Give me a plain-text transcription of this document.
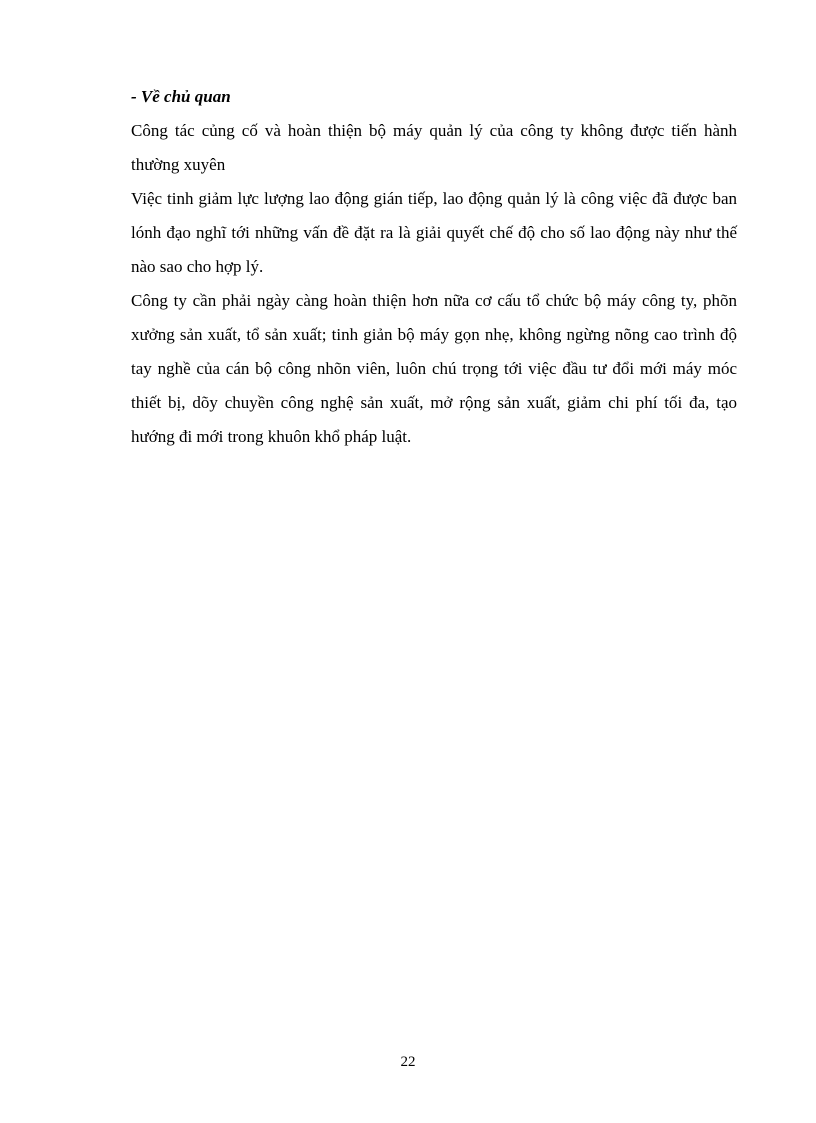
- Về chủ quan

Công tác củng cố và hoàn thiện bộ máy quản lý của công ty không được tiến hành thường xuyên

Việc tinh giảm lực lượng lao động gián tiếp, lao động quản lý là công việc đã được ban lónh đạo nghĩ tới những vấn đề đặt ra là giải quyết chế độ cho số lao động này như thế nào sao cho hợp lý.

Công ty cần phải ngày càng hoàn thiện hơn nữa cơ cấu tổ chức bộ máy công ty, phõn xưởng sản xuất, tổ sản xuất; tinh giản bộ máy gọn nhẹ, không ngừng nõng cao trình độ tay nghề của cán bộ công nhõn viên, luôn chú trọng tới việc đầu tư đổi mới máy móc thiết bị, dõy chuyền công nghệ sản xuất, mở rộng sản xuất, giảm chi phí tối đa, tạo hướng đi mới trong khuôn khổ pháp luật.

22
